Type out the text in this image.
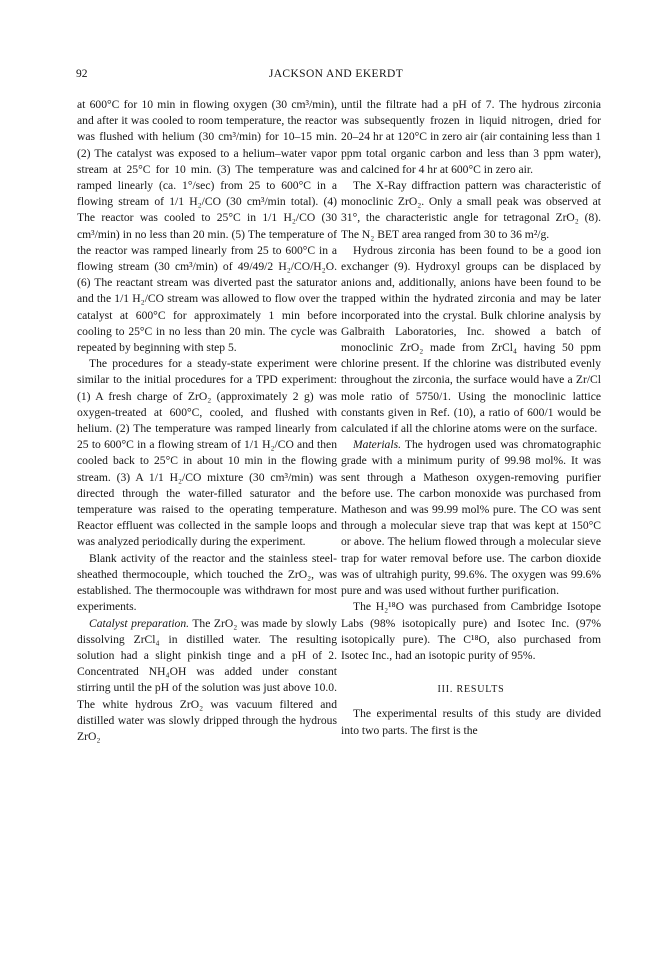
92	JACKSON AND EKERDT

at 600°C for 10 min in flowing oxygen (30 cm³/min), and after it was cooled to room temperature, the reactor was flushed with helium (30 cm³/min) for 10–15 min. (2) The catalyst was exposed to a helium–water vapor stream at 25°C for 10 min. (3) The temperature was ramped linearly (ca. 1°/sec) from 25 to 600°C in a flowing stream of 1/1 H₂/CO (30 cm³/min total). (4) The reactor was cooled to 25°C in 1/1 H₂/CO (30 cm³/min) in no less than 20 min. (5) The temperature of the reactor was ramped linearly from 25 to 600°C in a flowing stream (30 cm³/min) of 49/49/2 H₂/CO/H₂O. (6) The reactant stream was diverted past the saturator and the 1/1 H₂/CO stream was allowed to flow over the catalyst at 600°C for approximately 1 min before cooling to 25°C in no less than 20 min. The cycle was repeated by beginning with step 5.

The procedures for a steady-state experiment were similar to the initial procedures for a TPD experiment: (1) A fresh charge of ZrO₂ (approximately 2 g) was oxygen-treated at 600°C, cooled, and flushed with helium. (2) The temperature was ramped linearly from 25 to 600°C in a flowing stream of 1/1 H₂/CO and then cooled back to 25°C in about 10 min in the flowing stream. (3) A 1/1 H₂/CO mixture (30 cm³/min) was directed through the water-filled saturator and the temperature was raised to the operating temperature. Reactor effluent was collected in the sample loops and was analyzed periodically during the experiment.

Blank activity of the reactor and the stainless steel-sheathed thermocouple, which touched the ZrO₂, was established. The thermocouple was withdrawn for most experiments.

Catalyst preparation. The ZrO₂ was made by slowly dissolving ZrCl₄ in distilled water. The resulting solution had a slight pinkish tinge and a pH of 2. Concentrated NH₄OH was added under constant stirring until the pH of the solution was just above 10.0. The white hydrous ZrO₂ was vacuum filtered and distilled water was slowly dripped through the hydrous ZrO₂

until the filtrate had a pH of 7. The hydrous zirconia was subsequently frozen in liquid nitrogen, dried for 20–24 hr at 120°C in zero air (air containing less than 1 ppm total organic carbon and less than 3 ppm water), and calcined for 4 hr at 600°C in zero air.

The X-Ray diffraction pattern was characteristic of monoclinic ZrO₂. Only a small peak was observed at 31°, the characteristic angle for tetragonal ZrO₂ (8). The N₂ BET area ranged from 30 to 36 m²/g.

Hydrous zirconia has been found to be a good ion exchanger (9). Hydroxyl groups can be displaced by anions and, additionally, anions have been found to be trapped within the hydrated zirconia and may be later incorporated into the crystal. Bulk chlorine analysis by Galbraith Laboratories, Inc. showed a batch of monoclinic ZrO₂ made from ZrCl₄ having 50 ppm chlorine present. If the chlorine was distributed evenly throughout the zirconia, the surface would have a Zr/Cl mole ratio of 5750/1. Using the monoclinic lattice constants given in Ref. (10), a ratio of 600/1 would be calculated if all the chlorine atoms were on the surface.

Materials. The hydrogen used was chromatographic grade with a minimum purity of 99.98 mol%. It was sent through a Matheson oxygen-removing purifier before use. The carbon monoxide was purchased from Matheson and was 99.99 mol% pure. The CO was sent through a molecular sieve trap that was kept at 150°C or above. The helium flowed through a molecular sieve trap for water removal before use. The carbon dioxide was of ultrahigh purity, 99.6%. The oxygen was 99.6% pure and was used without further purification.

The H₂¹⁸O was purchased from Cambridge Isotope Labs (98% isotopically pure) and Isotec Inc. (97% isotopically pure). The C¹⁸O, also purchased from Isotec Inc., had an isotopic purity of 95%.

III. RESULTS

The experimental results of this study are divided into two parts. The first is the
